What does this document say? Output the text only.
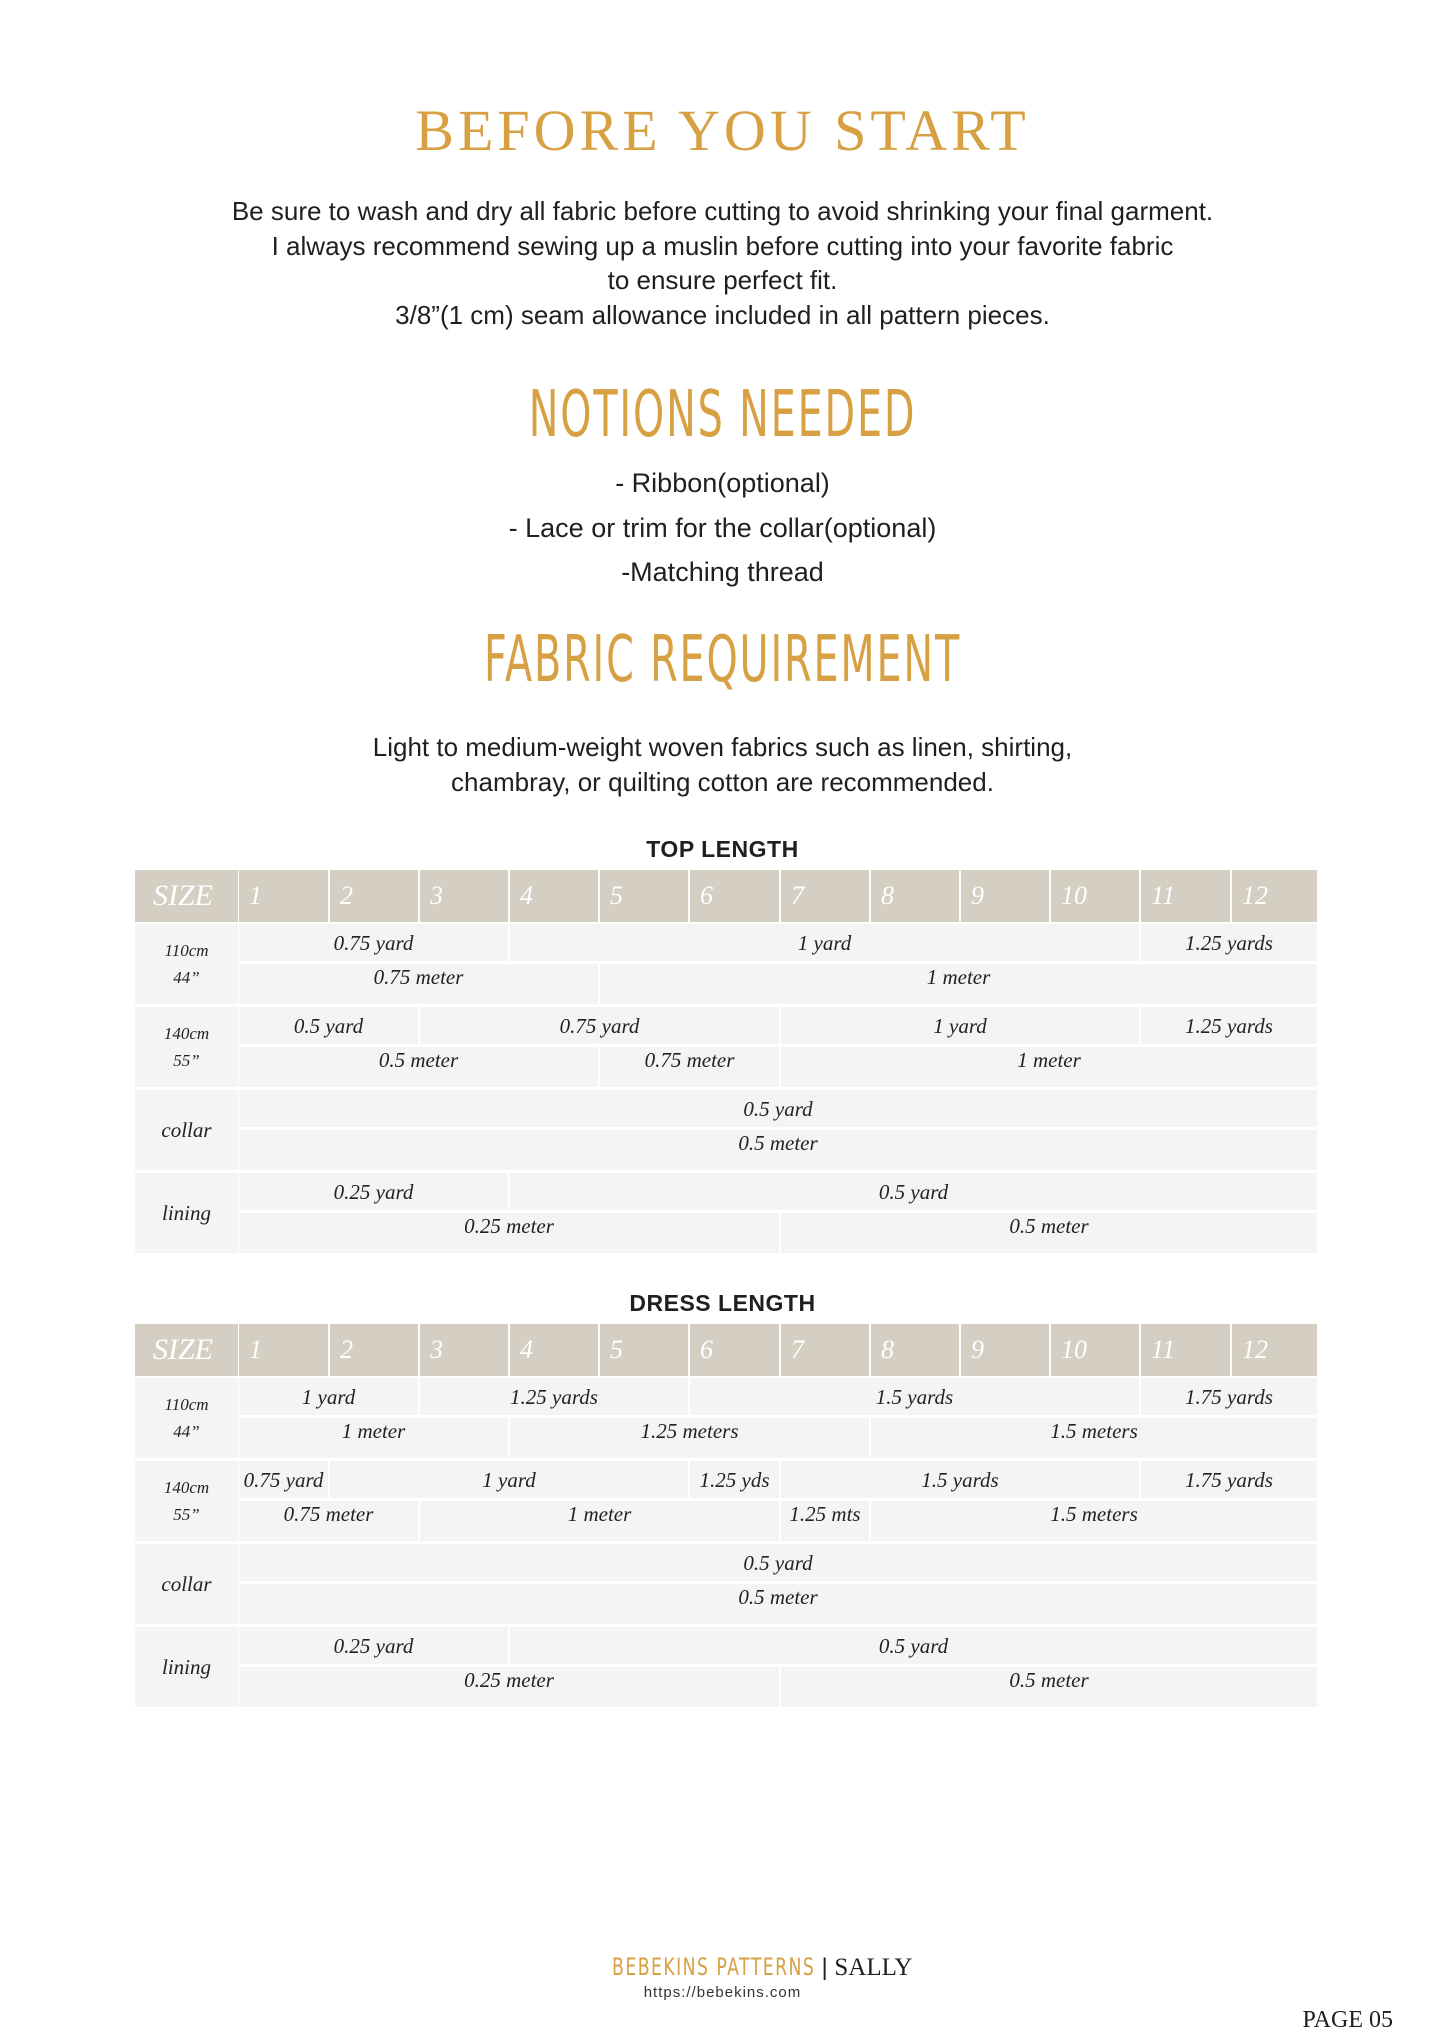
BEFORE YOU START
Be sure to wash and dry all fabric before cutting to avoid shrinking your final garment.
I always recommend sewing up a muslin before cutting into your favorite fabric
to ensure perfect fit.
3/8”(1 cm) seam allowance included in all pattern pieces.
NOTIONS NEEDED
- Ribbon(optional)
- Lace or trim for the collar(optional)
-Matching thread
FABRIC REQUIREMENT
Light to medium-weight woven fabrics such as linen, shirting,
chambray, or quilting cotton are recommended.
TOP LENGTH
DRESS LENGTH
SIZE	1	2	3	4	5	6	7	8	9	10	11	12
110cm
44”
0.75 yard	1 yard	1.25 yards
0.75 meter	1 meter
140cm
55”
0.5 yard	0.75 yard	1 yard	1.25 yards
0.5 meter	0.75 meter	1 meter
collar
0.5 yard
0.5 meter
lining
0.25 yard	0.5 yard
0.25 meter	0.5 meter
SIZE	1	2	3	4	5	6	7	8	9	10	11	12
110cm
44”
1 yard	1.25 yards	1.5 yards	1.75 yards
1 meter	1.25 meters	1.5 meters
140cm
55”
0.75 yard	1 yard	1.25 yds	1.5 yards	1.75 yards
0.75 meter	1 meter	1.25 mts	1.5 meters
collar
0.5 yard
0.5 meter
lining
0.25 yard	0.5 yard
0.25 meter	0.5 meter
BEBEKINS PATTERNS | SALLY
https://bebekins.com
PAGE 05
